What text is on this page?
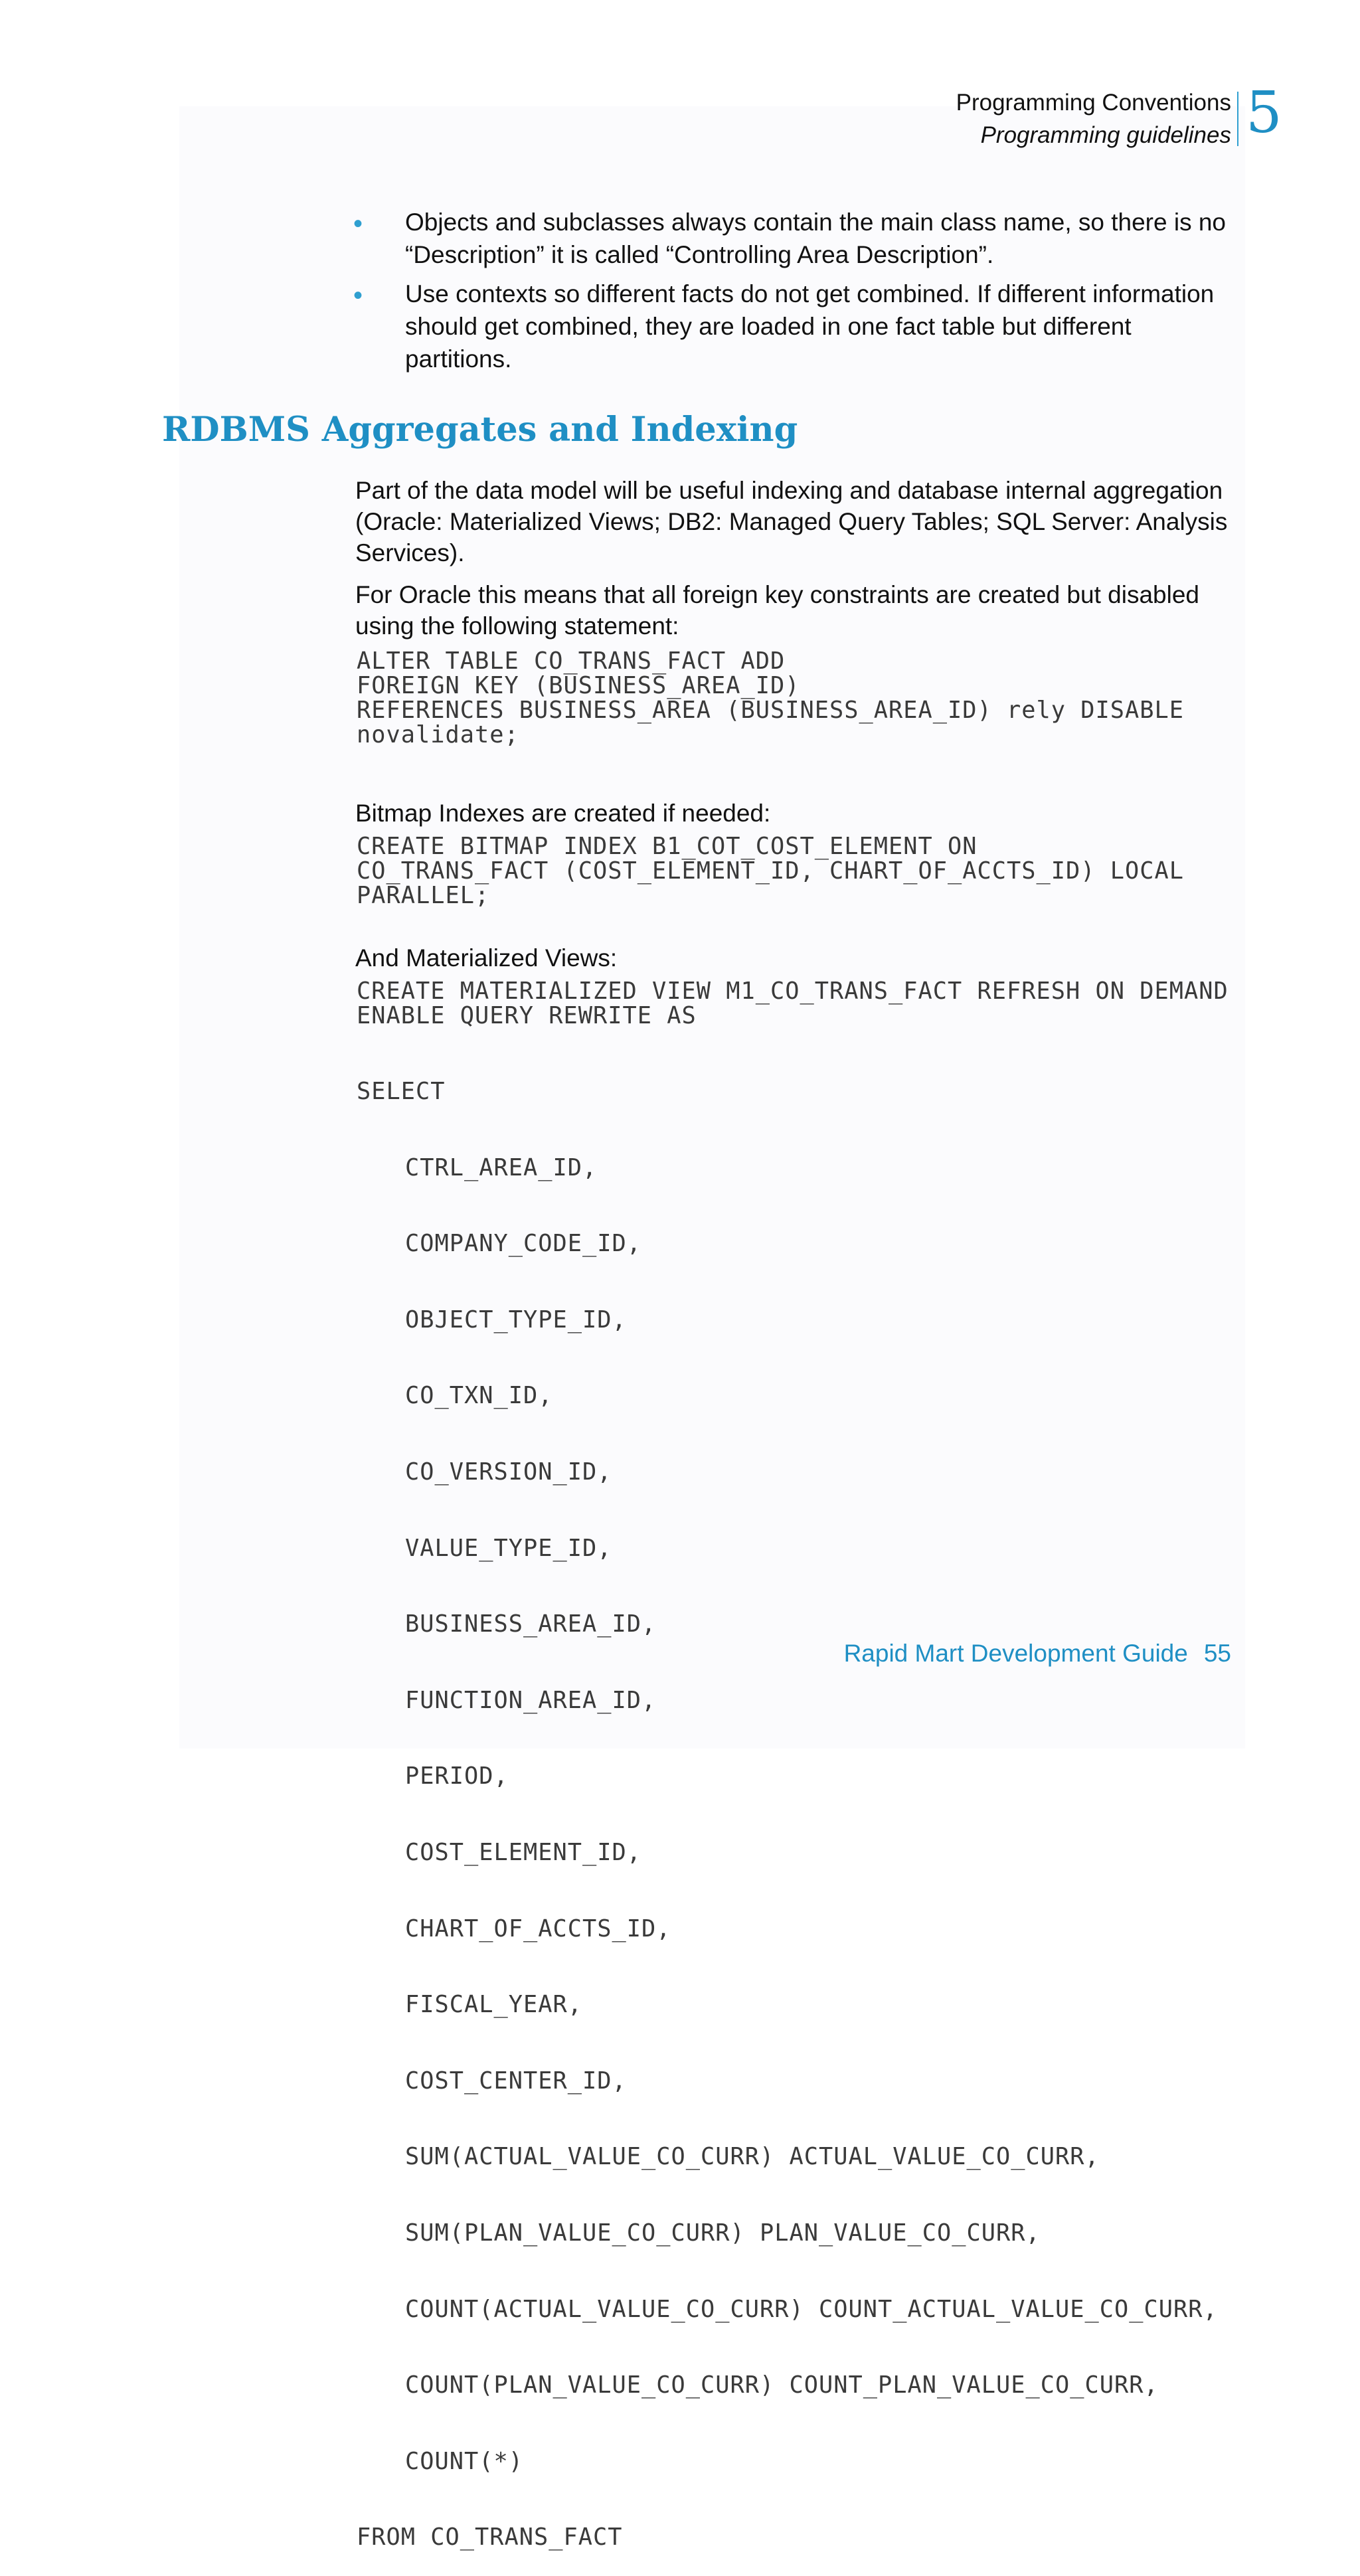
Programming Conventions
Programming guidelines 5
• Objects and subclasses always contain the main class name, so there is no “Description” it is called “Controlling Area Description”.
• Use contexts so different facts do not get combined. If different information should get combined, they are loaded in one fact table but different partitions.
RDBMS Aggregates and Indexing

Part of the data model will be useful indexing and database internal aggregation (Oracle: Materialized Views; DB2: Managed Query Tables; SQL Server: Analysis Services).

For Oracle this means that all foreign key constraints are created but disabled using the following statement:

ALTER TABLE CO_TRANS_FACT ADD
FOREIGN KEY (BUSINESS_AREA_ID)
REFERENCES BUSINESS_AREA (BUSINESS_AREA_ID) rely DISABLE
novalidate;

Bitmap Indexes are created if needed:

CREATE BITMAP INDEX B1_COT_COST_ELEMENT ON
CO_TRANS_FACT (COST_ELEMENT_ID, CHART_OF_ACCTS_ID) LOCAL
PARALLEL;

And Materialized Views:

CREATE MATERIALIZED VIEW M1_CO_TRANS_FACT REFRESH ON DEMAND
ENABLE QUERY REWRITE AS

SELECT

CTRL_AREA_ID,

COMPANY_CODE_ID,

OBJECT_TYPE_ID,

CO_TXN_ID,

CO_VERSION_ID,

VALUE_TYPE_ID,

BUSINESS_AREA_ID,

FUNCTION_AREA_ID,

PERIOD,

COST_ELEMENT_ID,

CHART_OF_ACCTS_ID,

FISCAL_YEAR,

COST_CENTER_ID,

SUM(ACTUAL_VALUE_CO_CURR) ACTUAL_VALUE_CO_CURR,

SUM(PLAN_VALUE_CO_CURR) PLAN_VALUE_CO_CURR,

COUNT(ACTUAL_VALUE_CO_CURR) COUNT_ACTUAL_VALUE_CO_CURR,

COUNT(PLAN_VALUE_CO_CURR) COUNT_PLAN_VALUE_CO_CURR,

COUNT(*)

FROM CO_TRANS_FACT

Rapid Mart Development Guide 55
